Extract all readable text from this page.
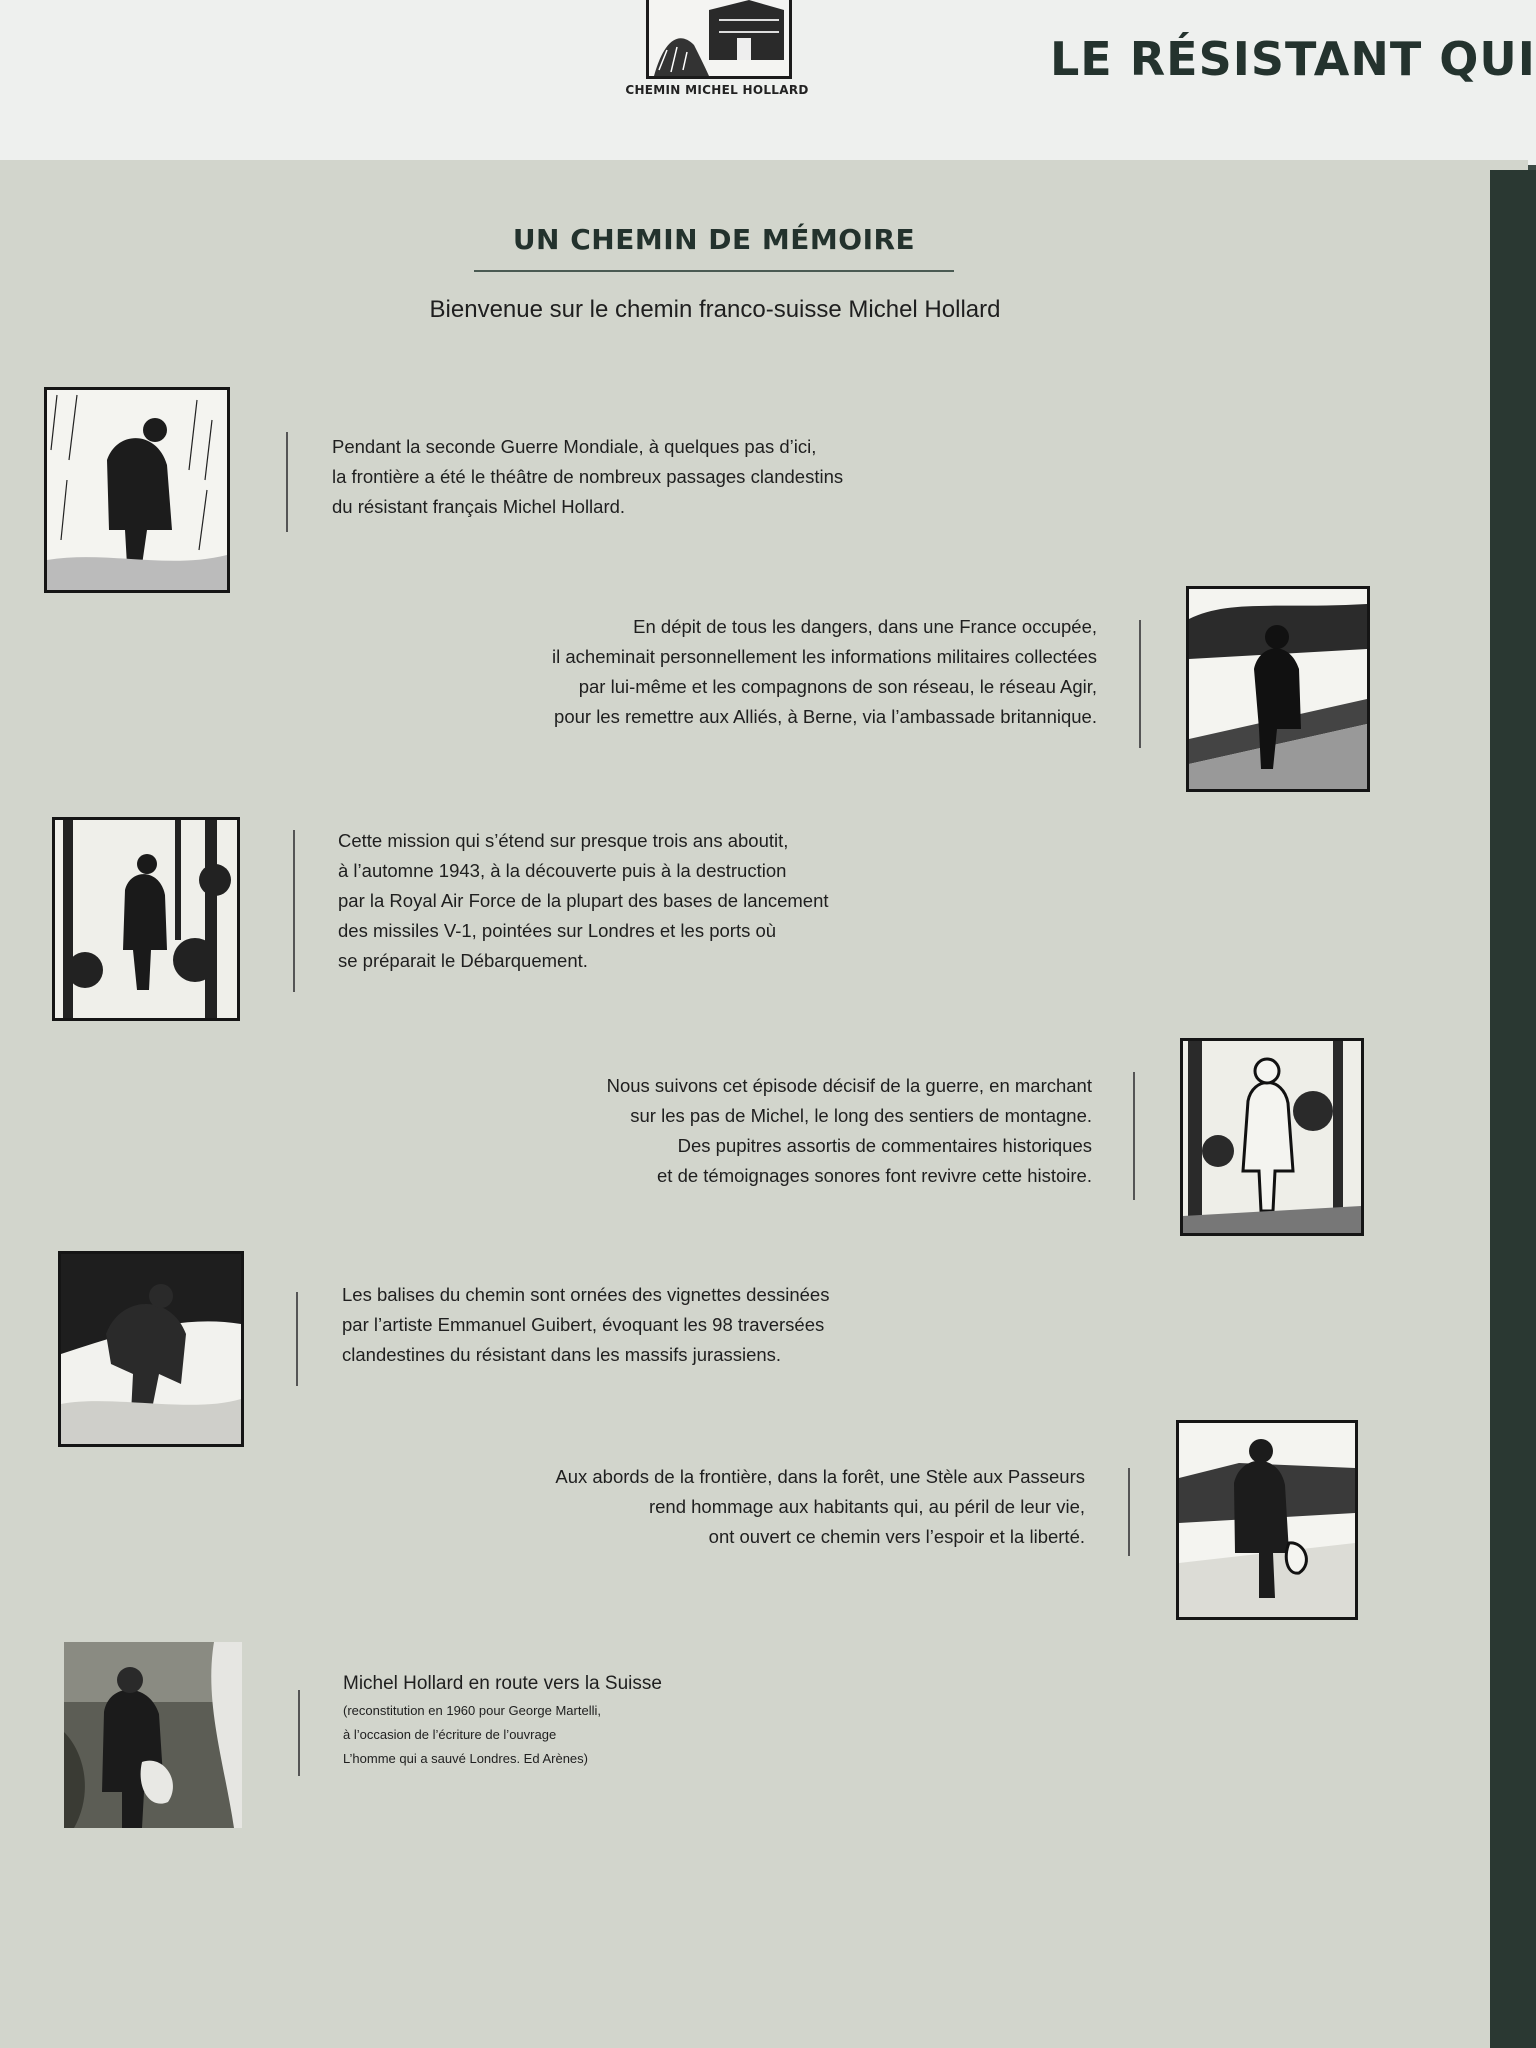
CHEMIN MICHEL HOLLARD
LE RÉSISTANT QUI
UN CHEMIN DE MÉMOIRE
Bienvenue sur le chemin franco-suisse Michel Hollard
Pendant la seconde Guerre Mondiale, à quelques pas d’ici,
la frontière a été le théâtre de nombreux passages clandestins
du résistant français Michel Hollard.
En dépit de tous les dangers, dans une France occupée,
il acheminait personnellement les informations militaires collectées
par lui-même et les compagnons de son réseau, le réseau Agir,
pour les remettre aux Alliés, à Berne, via l’ambassade britannique.
Cette mission qui s’étend sur presque trois ans aboutit,
à l’automne 1943, à la découverte puis à la destruction
par la Royal Air Force de la plupart des bases de lancement
des missiles V-1, pointées sur Londres et les ports où
se préparait le Débarquement.
Nous suivons cet épisode décisif de la guerre, en marchant
sur les pas de Michel, le long des sentiers de montagne.
Des pupitres assortis de commentaires historiques
et de témoignages sonores font revivre cette histoire.
Les balises du chemin sont ornées des vignettes dessinées
par l’artiste Emmanuel Guibert, évoquant les 98 traversées
clandestines du résistant dans les massifs jurassiens.
Aux abords de la frontière, dans la forêt, une Stèle aux Passeurs
rend hommage aux habitants qui, au péril de leur vie,
ont ouvert ce chemin vers l’espoir et la liberté.
Michel Hollard en route vers la Suisse
(reconstitution en 1960 pour George Martelli,
à l’occasion de l’écriture de l’ouvrage
L’homme qui a sauvé Londres. Ed Arènes)
